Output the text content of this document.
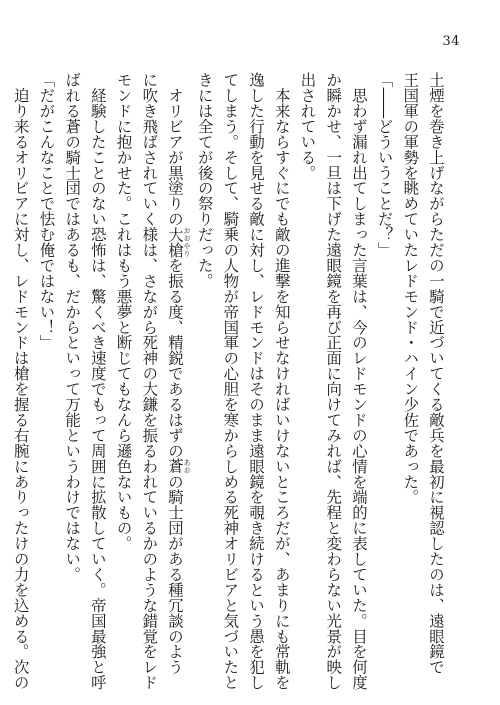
34
土煙を巻き上げながらただの一騎で近づいてくる敵兵を最初に視認したのは、遠眼鏡で
王国軍の軍勢を眺めていたレドモンド・ハイン少佐であった。
「――どういうことだ？」
　思わず漏れ出てしまった言葉は、今のレドモンドの心情を端的に表していた。目を何度
か瞬かせ、一旦は下げた遠眼鏡を再び正面に向けてみれば、先程と変わらない光景が映し
出されている。
　本来ならすぐにでも敵の進撃を知らせなければいけないところだが、あまりにも常軌を
逸した行動を見せる敵に対し、レドモンドはそのまま遠眼鏡を覗き続けるという愚を犯し
てしまう。そして、騎乗の人物が帝国軍の心胆を寒からしめる死神オリビアと気づいたと
きには全てが後の祭りだった。
　オリビアが黒塗りの大槍 おおやりを振る度、精鋭であるはずの蒼 あおの騎士団がある種冗談のよう
に吹き飛ばされていく様は、さながら死神の大鎌を振るわれているかのような錯覚をレド
モンドに抱かせた。これはもう悪夢と断じてもなんら遜色ないもの。
　経験したことのない恐怖は、驚くべき速度でもって周囲に拡散していく。帝国最強と呼
ばれる蒼の騎士団ではあるも、だからといって万能というわけではない。
「だがこんなことで怯む俺ではない！」
　迫り来るオリビアに対し、レドモンドは槍を握る右腕にありったけの力を込める。次の
